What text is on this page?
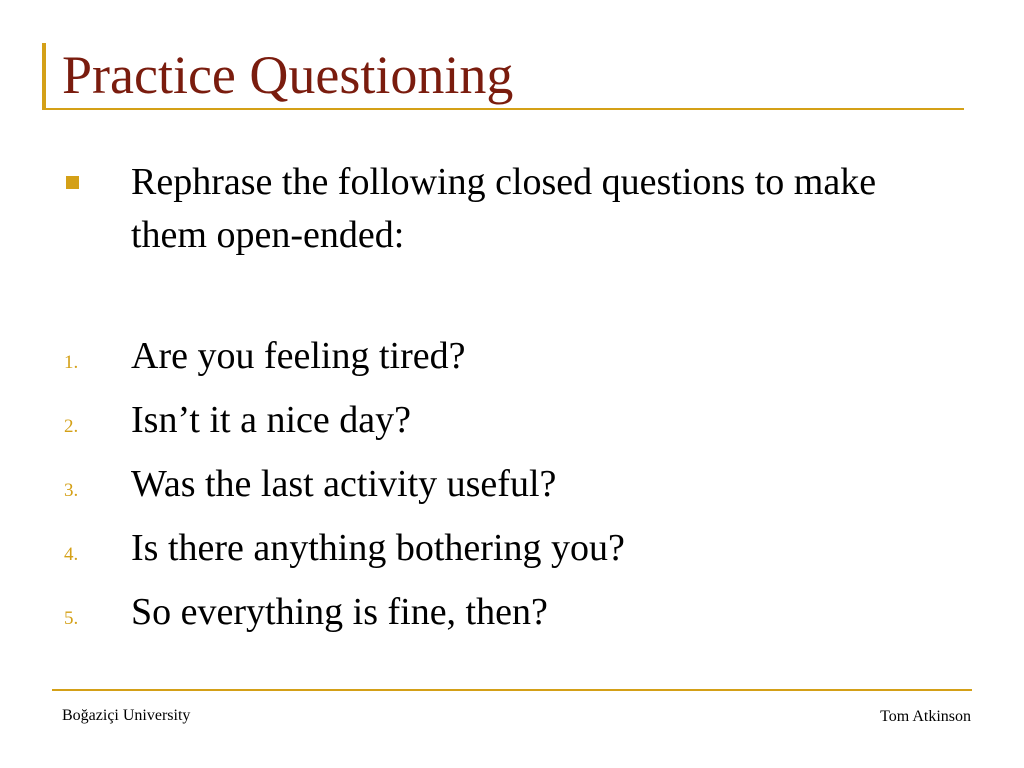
Practice Questioning
Rephrase the following closed questions to make them open-ended:
1. Are you feeling tired?
2. Isn’t it a nice day?
3. Was the last activity useful?
4. Is there anything bothering you?
5. So everything is fine, then?
Boğaziçi University	Tom Atkinson
